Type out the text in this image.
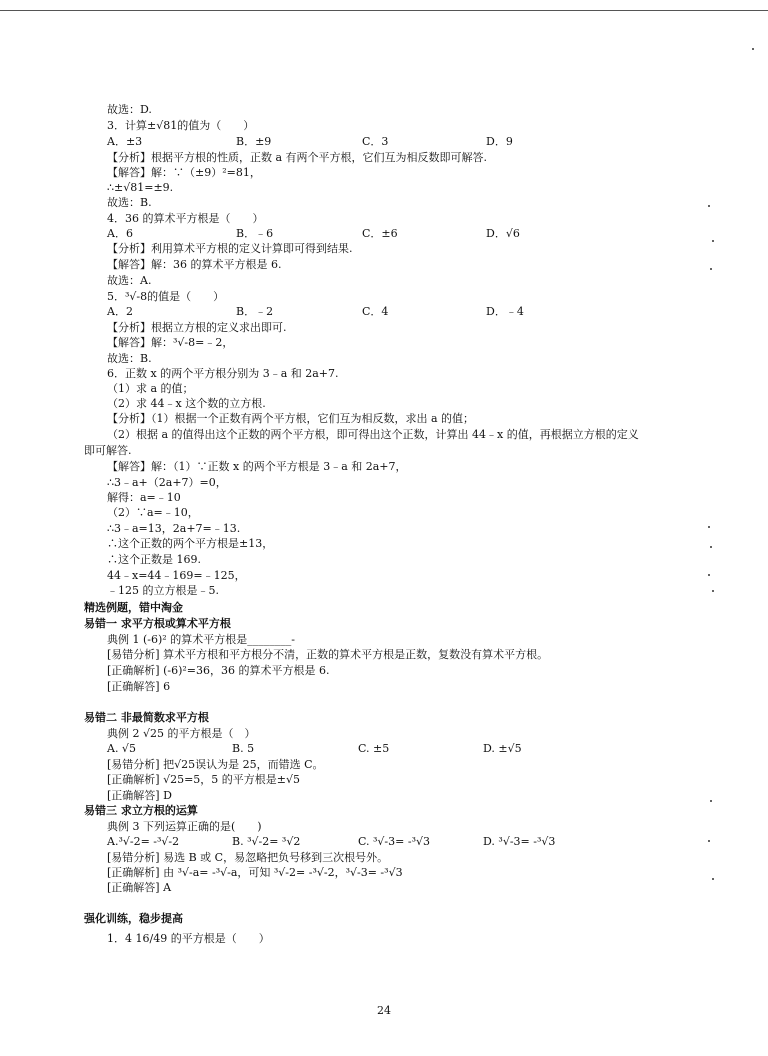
故选：D.
3．计算±√81的值为（　　）
A．±3	B．±9	C．3	D．9
【分析】根据平方根的性质，正数 a 有两个平方根，它们互为相反数即可解答.
【解答】解：∵（±9）²=81，
∴±√81=±9.
故选：B.
4．36 的算术平方根是（　　）
A．6	B．﹣6	C．±6	D．√6
【分析】利用算术平方根的定义计算即可得到结果.
【解答】解：36 的算术平方根是 6.
故选：A.
5．³√-8的值是（　　）
A．2	B．﹣2	C．4	D．﹣4
【分析】根据立方根的定义求出即可.
【解答】解：³√-8=﹣2，
故选：B.
6．正数 x 的两个平方根分别为 3﹣a 和 2a+7.
（1）求 a 的值；
（2）求 44﹣x 这个数的立方根.
【分析】（1）根据一个正数有两个平方根，它们互为相反数，求出 a 的值；
（2）根据 a 的值得出这个正数的两个平方根，即可得出这个正数，计算出 44﹣x 的值，再根据立方根的定义
即可解答.
【解答】解：（1）∵正数 x 的两个平方根是 3﹣a 和 2a+7，
∴3﹣a+（2a+7）=0，
解得：a=﹣10
（2）∵a=﹣10，
∴3﹣a=13，2a+7=﹣13.
∴这个正数的两个平方根是±13，
∴这个正数是 169.
44﹣x=44﹣169=﹣125，
﹣125 的立方根是﹣5.
精选例题，错中淘金
易错一 求平方根或算术平方根
典例 1 (-6)² 的算术平方根是________-
[易错分析] 算术平方根和平方根分不清，正数的算术平方根是正数，复数没有算术平方根。
[正确解析] (-6)²=36，36 的算术平方根是 6.
[正确解答] 6
易错二 非最简数求平方根
典例 2 √25 的平方根是（　）
A. √5	B. 5	C. ±5	D. ±√5
[易错分析] 把√25误认为是 25，而错选 C。
[正确解析] √25=5，5 的平方根是±√5
[正确解答] D
易错三 求立方根的运算
典例 3 下列运算正确的是(　　)
A.³√-2= -³√-2	B. ³√-2= ³√2	C. ³√-3= -³√3	D. ³√-3= -³√3
[易错分析] 易选 B 或 C，易忽略把负号移到三次根号外。
[正确解析] 由 ³√-a= -³√-a，可知 ³√-2= -³√-2，³√-3= -³√3
[正确解答] A
强化训练，稳步提高
1．4 16/49 的平方根是（　　）
24
